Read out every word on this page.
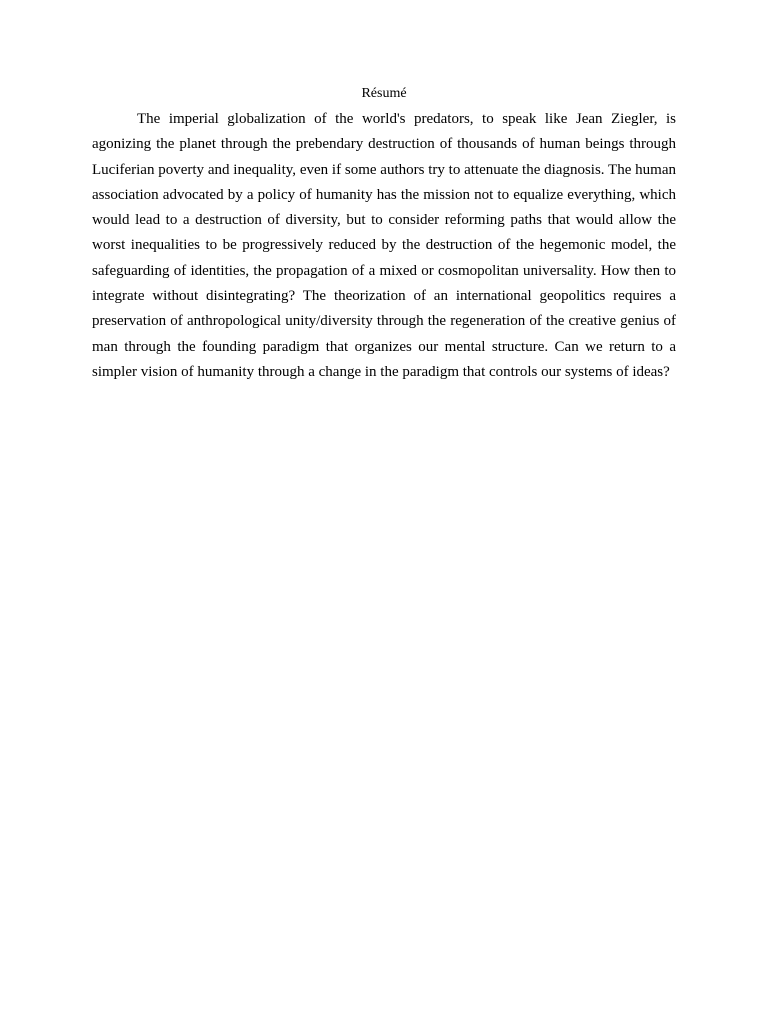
Résumé

The imperial globalization of the world's predators, to speak like Jean Ziegler, is agonizing the planet through the prebendary destruction of thousands of human beings through Luciferian poverty and inequality, even if some authors try to attenuate the diagnosis. The human association advocated by a policy of humanity has the mission not to equalize everything, which would lead to a destruction of diversity, but to consider reforming paths that would allow the worst inequalities to be progressively reduced by the destruction of the hegemonic model, the safeguarding of identities, the propagation of a mixed or cosmopolitan universality. How then to integrate without disintegrating? The theorization of an international geopolitics requires a preservation of anthropological unity/diversity through the regeneration of the creative genius of man through the founding paradigm that organizes our mental structure. Can we return to a simpler vision of humanity through a change in the paradigm that controls our systems of ideas?
